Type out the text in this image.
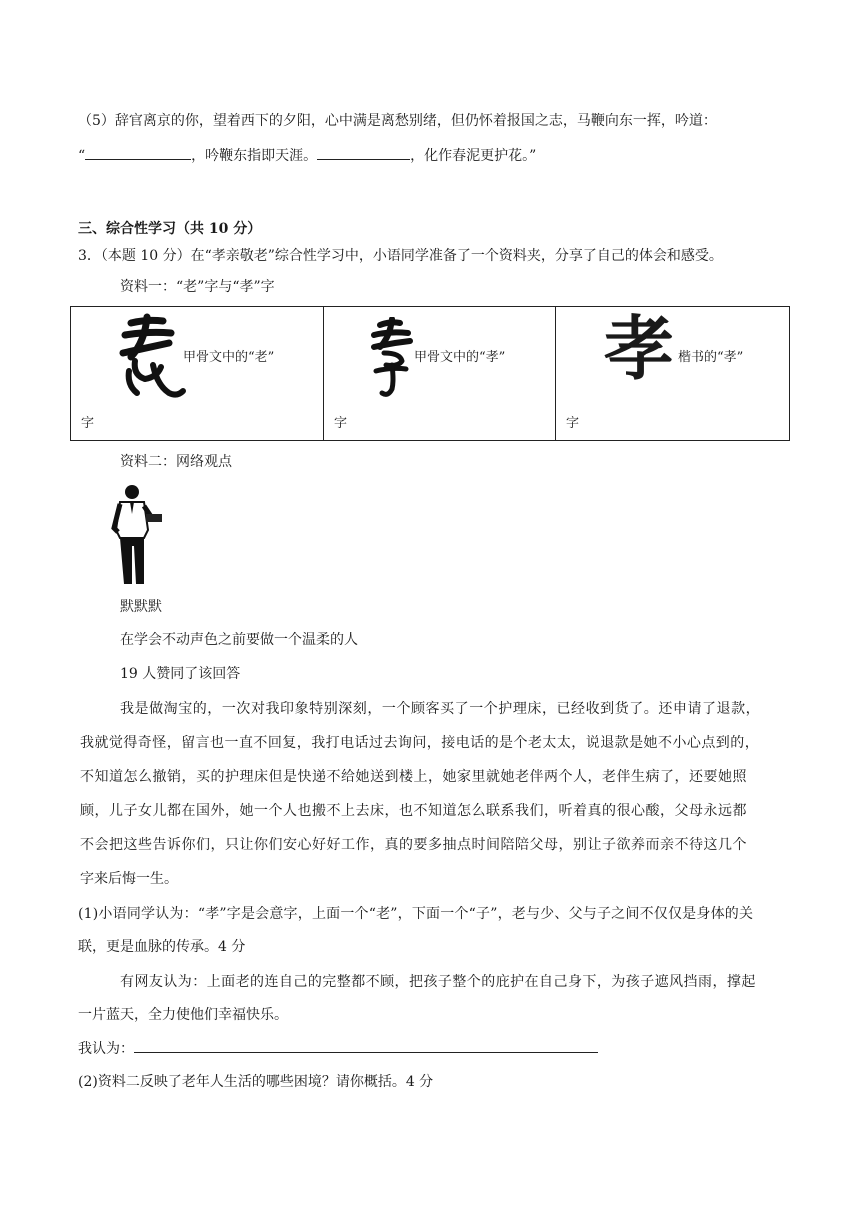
（5）辞官离京的你，望着西下的夕阳，心中满是离愁别绪，但仍怀着报国之志，马鞭向东一挥，吟道：
“	，吟鞭东指即天涯。	，化作春泥更护花。”
三、综合性学习（共 10 分）
3．（本题 10 分）在“孝亲敬老”综合性学习中，小语同学准备了一个资料夹，分享了自己的体会和感受。
资料一：“老”字与“孝”字
甲骨文中的“老”
字
甲骨文中的“孝”
字
孝 楷书的“孝”
字
资料二：网络观点
默默默
在学会不动声色之前要做一个温柔的人
19 人赞同了该回答
我是做淘宝的，一次对我印象特别深刻，一个顾客买了一个护理床，已经收到货了。还申请了退款，
我就觉得奇怪，留言也一直不回复，我打电话过去询问，接电话的是个老太太，说退款是她不小心点到的，
不知道怎么撤销，买的护理床但是快递不给她送到楼上，她家里就她老伴两个人，老伴生病了，还要她照
顾，儿子女儿都在国外，她一个人也搬不上去床，也不知道怎么联系我们，听着真的很心酸，父母永远都
不会把这些告诉你们，只让你们安心好好工作，真的要多抽点时间陪陪父母，别让子欲养而亲不待这几个
字来后悔一生。
(1)小语同学认为：“孝”字是会意字，上面一个“老”，下面一个“子”，老与少、父与子之间不仅仅是身体的关
联，更是血脉的传承。4 分
有网友认为：上面老的连自己的完整都不顾，把孩子整个的庇护在自己身下，为孩子遮风挡雨，撑起
一片蓝天，全力使他们幸福快乐。
我认为：
(2)资料二反映了老年人生活的哪些困境？请你概括。4 分
